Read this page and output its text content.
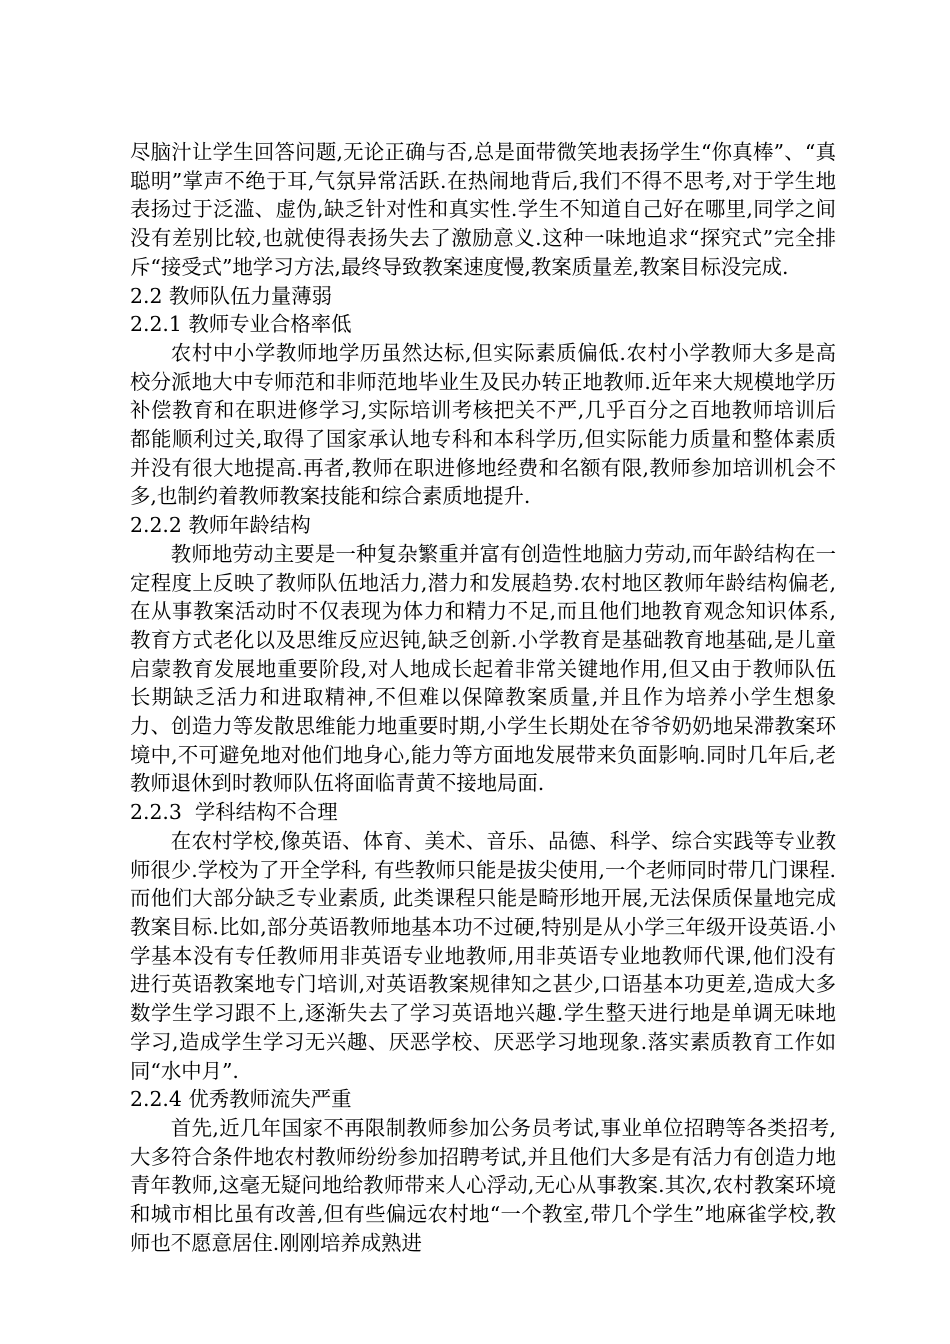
尽脑汁让学生回答问题,无论正确与否,总是面带微笑地表扬学生“你真棒”、“真聪明”掌声不绝于耳,气氛异常活跃.在热闹地背后,我们不得不思考,对于学生地表扬过于泛滥、虚伪,缺乏针对性和真实性.学生不知道自己好在哪里,同学之间没有差别比较,也就使得表扬失去了激励意义.这种一味地追求“探究式”完全排斥“接受式”地学习方法,最终导致教案速度慢,教案质量差,教案目标没完成.

2.2 教师队伍力量薄弱

2.2.1 教师专业合格率低

农村中小学教师地学历虽然达标,但实际素质偏低.农村小学教师大多是高校分派地大中专师范和非师范地毕业生及民办转正地教师.近年来大规模地学历补偿教育和在职进修学习,实际培训考核把关不严,几乎百分之百地教师培训后都能顺利过关,取得了国家承认地专科和本科学历,但实际能力质量和整体素质并没有很大地提高.再者,教师在职进修地经费和名额有限,教师参加培训机会不多,也制约着教师教案技能和综合素质地提升.

2.2.2 教师年龄结构

教师地劳动主要是一种复杂繁重并富有创造性地脑力劳动,而年龄结构在一定程度上反映了教师队伍地活力,潜力和发展趋势.农村地区教师年龄结构偏老,在从事教案活动时不仅表现为体力和精力不足,而且他们地教育观念知识体系,教育方式老化以及思维反应迟钝,缺乏创新.小学教育是基础教育地基础,是儿童启蒙教育发展地重要阶段,对人地成长起着非常关键地作用,但又由于教师队伍长期缺乏活力和进取精神,不但难以保障教案质量,并且作为培养小学生想象力、创造力等发散思维能力地重要时期,小学生长期处在爷爷奶奶地呆滞教案环境中,不可避免地对他们地身心,能力等方面地发展带来负面影响.同时几年后,老教师退休到时教师队伍将面临青黄不接地局面.

2.2.3  学科结构不合理

在农村学校,像英语、体育、美术、音乐、品德、科学、综合实践等专业教师很少.学校为了开全学科, 有些教师只能是拔尖使用,一个老师同时带几门课程.而他们大部分缺乏专业素质, 此类课程只能是畸形地开展,无法保质保量地完成教案目标.比如,部分英语教师地基本功不过硬,特别是从小学三年级开设英语.小学基本没有专任教师用非英语专业地教师,用非英语专业地教师代课,他们没有进行英语教案地专门培训,对英语教案规律知之甚少,口语基本功更差,造成大多数学生学习跟不上,逐渐失去了学习英语地兴趣.学生整天进行地是单调无味地学习,造成学生学习无兴趣、厌恶学校、厌恶学习地现象.落实素质教育工作如同“水中月”.

2.2.4 优秀教师流失严重

首先,近几年国家不再限制教师参加公务员考试,事业单位招聘等各类招考,大多符合条件地农村教师纷纷参加招聘考试,并且他们大多是有活力有创造力地青年教师,这毫无疑问地给教师带来人心浮动,无心从事教案.其次,农村教案环境和城市相比虽有改善,但有些偏远农村地“一个教室,带几个学生”地麻雀学校,教师也不愿意居住.刚刚培养成熟进
